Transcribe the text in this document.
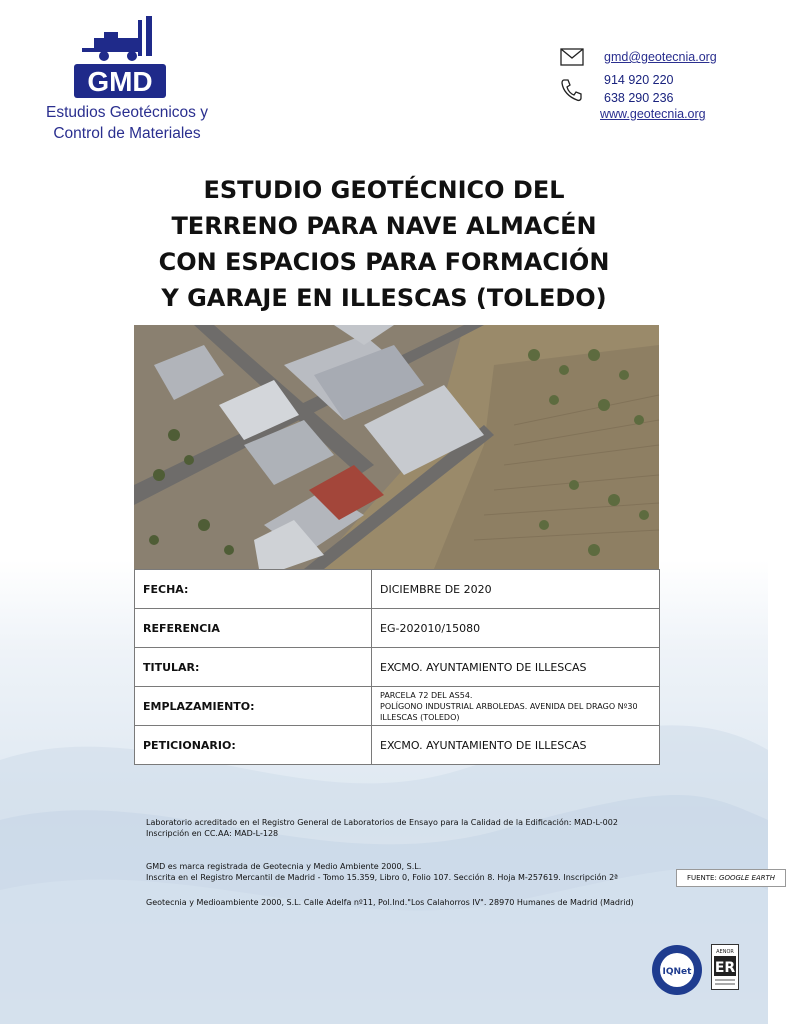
GMD
Estudios Geotécnicos y
Control de Materiales
gmd@geotecnia.org
914 920 220
638 290 236
www.geotecnia.org
ESTUDIO GEOTÉCNICO DEL
TERRENO PARA NAVE ALMACÉN
CON ESPACIOS PARA FORMACIÓN
Y GARAJE EN ILLESCAS (TOLEDO)
FUENTE: GOOGLE EARTH
FECHA:	DICIEMBRE DE 2020
REFERENCIA	EG-202010/15080
TITULAR:	EXCMO. AYUNTAMIENTO DE ILLESCAS
EMPLAZAMIENTO:	PARCELA 72 DEL AS54.
POLÍGONO INDUSTRIAL ARBOLEDAS. AVENIDA DEL DRAGO Nº30
ILLESCAS (TOLEDO)

PETICIONARIO:	EXCMO. AYUNTAMIENTO DE ILLESCAS
Laboratorio acreditado en el Registro General de Laboratorios de Ensayo para la Calidad de la Edificación: MAD-L-002
Inscripción en CC.AA: MAD-L-128
GMD es marca registrada de Geotecnia y Medio Ambiente 2000, S.L.
Inscrita en el Registro Mercantil de Madrid - Tomo 15.359, Libro 0, Folio 107. Sección 8. Hoja M-257619. Inscripción 2ª
Geotecnia y Medioambiente 2000, S.L. Calle Adelfa nº11, Pol.Ind."Los Calahorros IV". 28970 Humanes de Madrid (Madrid)
IQNet
AENOR
ER
